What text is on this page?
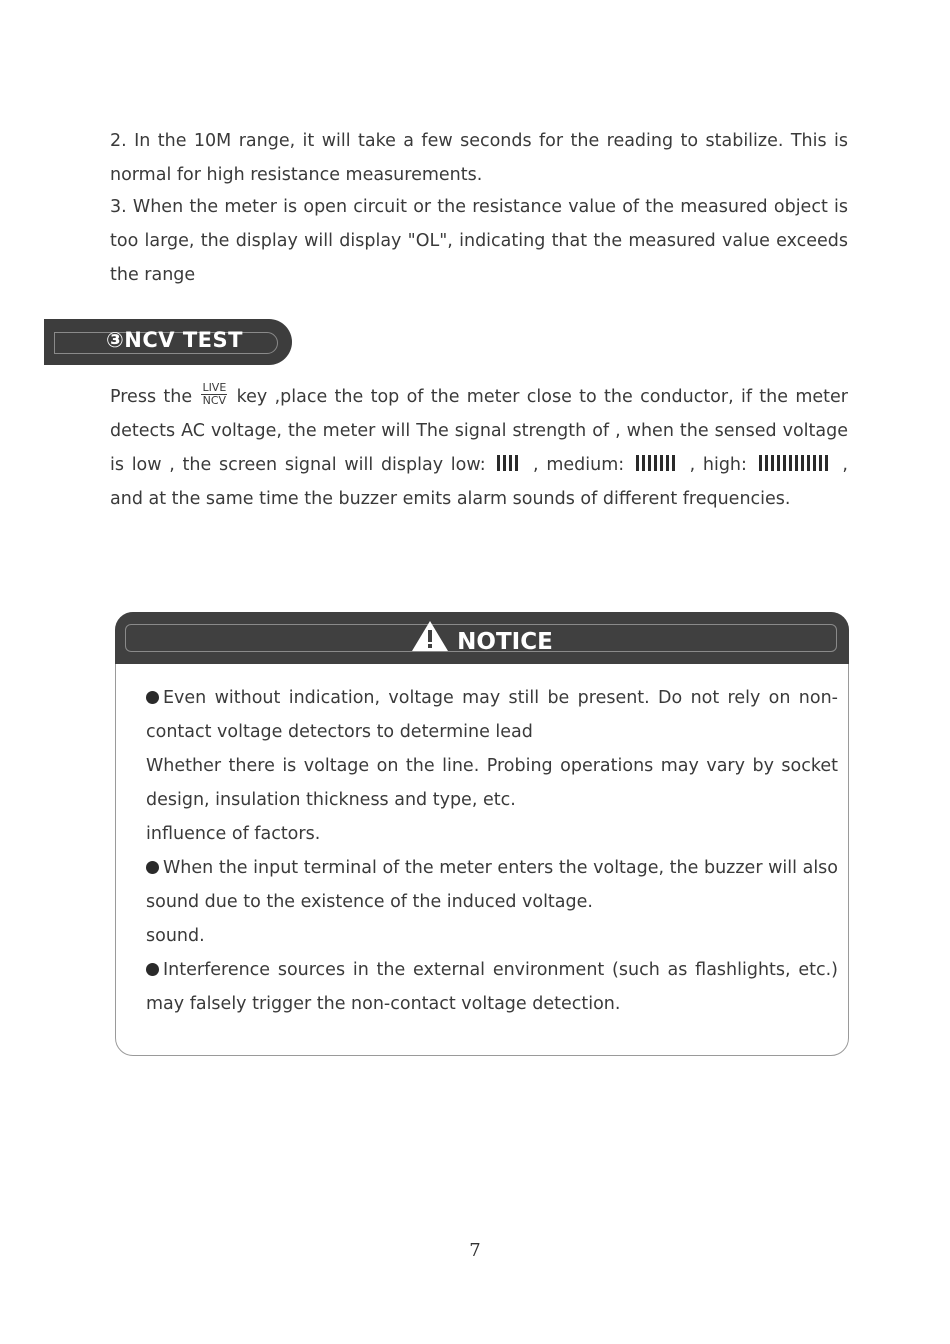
2. In the 10M range, it will take a few seconds for the reading to stabilize. This is normal for high resistance measurements.

3. When the meter is open circuit or the resistance value of the measured object is too large, the display will display "OL", indicating that the measured value exceeds the range

③NCV TEST

Press the LIVE
NCV key ,place the top of the meter close to the conductor, if the meter detects AC voltage, the meter will The signal strength of , when the sensed voltage is low , the screen signal will display low:	, medium:	, high:	, and at the same time the buzzer emits alarm sounds of different frequencies.

NOTICE

Even without indication, voltage may still be present. Do not rely on non-contact voltage detectors to determine lead

Whether there is voltage on the line. Probing operations may vary by socket design, insulation thickness and type, etc.

influence of factors.

When the input terminal of the meter enters the voltage, the buzzer will also sound due to the existence of the induced voltage.

sound.

Interference sources in the external environment (such as flashlights, etc.) may falsely trigger the non-contact voltage detection.

7
